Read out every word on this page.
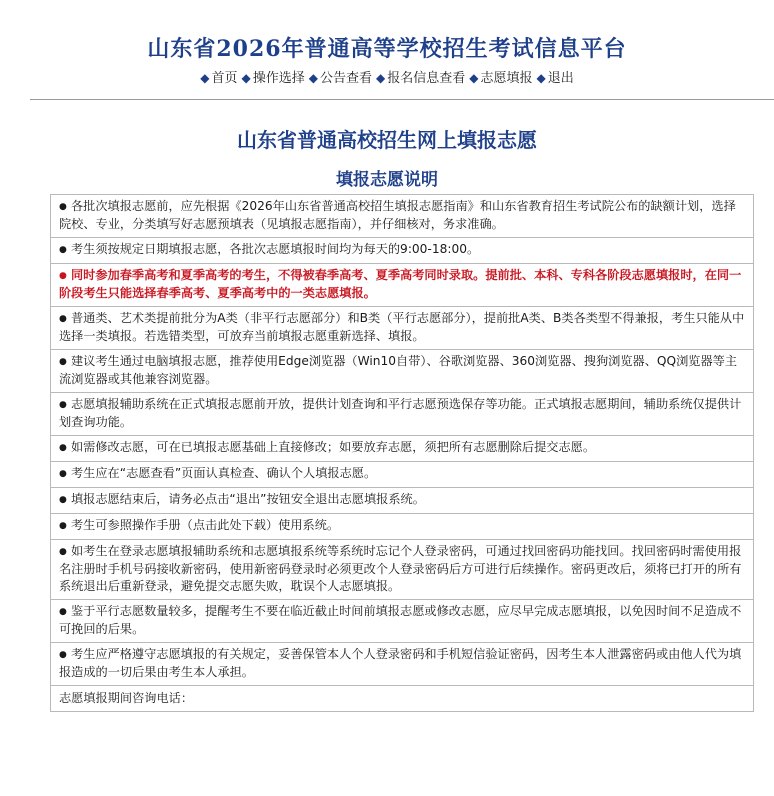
山东省2026年普通高等学校招生考试信息平台
◆ 首页 ◆ 操作选择 ◆ 公告查看 ◆ 报名信息查看 ◆ 志愿填报 ◆ 退出
山东省普通高校招生网上填报志愿
填报志愿说明
● 各批次填报志愿前，应先根据《2026年山东省普通高校招生填报志愿指南》和山东省教育招生考试院公布的缺额计划，选择院校、专业，分类填写好志愿预填表（见填报志愿指南），并仔细核对，务求准确。
● 考生须按规定日期填报志愿，各批次志愿填报时间均为每天的9:00-18:00。
● 同时参加春季高考和夏季高考的考生，不得被春季高考、夏季高考同时录取。提前批、本科、专科各阶段志愿填报时，在同一阶段考生只能选择春季高考、夏季高考中的一类志愿填报。
● 普通类、艺术类提前批分为A类（非平行志愿部分）和B类（平行志愿部分），提前批A类、B类各类型不得兼报，考生只能从中选择一类填报。若选错类型，可放弃当前填报志愿重新选择、填报。
● 建议考生通过电脑填报志愿，推荐使用Edge浏览器（Win10自带）、谷歌浏览器、360浏览器、搜狗浏览器、QQ浏览器等主流浏览器或其他兼容浏览器。
● 志愿填报辅助系统在正式填报志愿前开放，提供计划查询和平行志愿预选保存等功能。正式填报志愿期间，辅助系统仅提供计划查询功能。
● 如需修改志愿，可在已填报志愿基础上直接修改；如要放弃志愿，须把所有志愿删除后提交志愿。
● 考生应在“志愿查看”页面认真检查、确认个人填报志愿。
● 填报志愿结束后，请务必点击“退出”按钮安全退出志愿填报系统。
● 考生可参照操作手册（点击此处下载）使用系统。
● 如考生在登录志愿填报辅助系统和志愿填报系统等系统时忘记个人登录密码，可通过找回密码功能找回。找回密码时需使用报名注册时手机号码接收新密码，使用新密码登录时必须更改个人登录密码后方可进行后续操作。密码更改后，须将已打开的所有系统退出后重新登录，避免提交志愿失败，耽误个人志愿填报。
● 鉴于平行志愿数量较多，提醒考生不要在临近截止时间前填报志愿或修改志愿，应尽早完成志愿填报，以免因时间不足造成不可挽回的后果。
● 考生应严格遵守志愿填报的有关规定，妥善保管本人个人登录密码和手机短信验证密码，因考生本人泄露密码或由他人代为填报造成的一切后果由考生本人承担。
志愿填报期间咨询电话：
